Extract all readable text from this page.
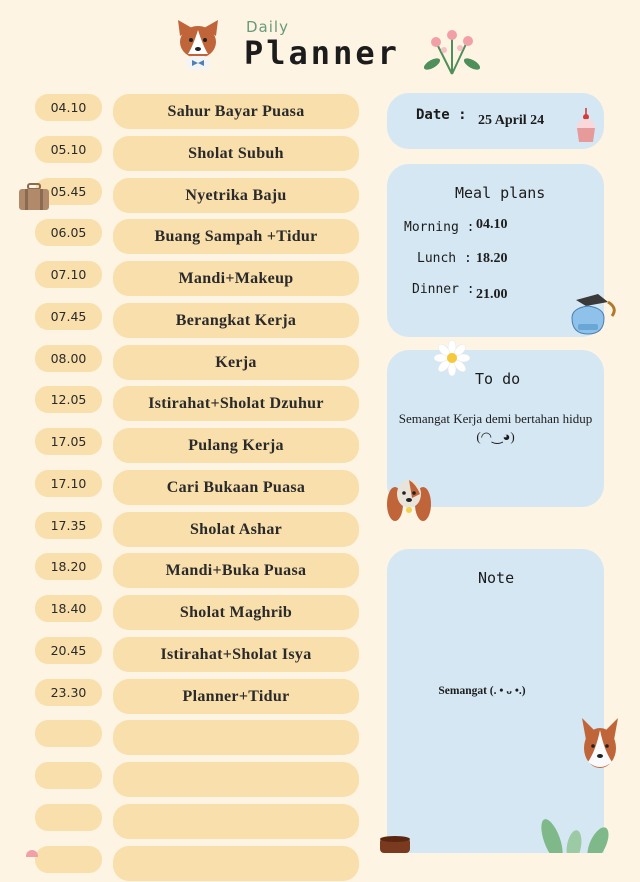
Daily
Planner
04.10	Sahur Bayar Puasa
05.10	Sholat Subuh
05.45	Nyetrika Baju
06.05	Buang Sampah +Tidur
07.10	Mandi+Makeup
07.45	Berangkat Kerja
08.00	Kerja
12.05	Istirahat+Sholat Dzuhur
17.05	Pulang Kerja
17.10	Cari Bukaan Puasa
17.35	Sholat Ashar
18.20	Mandi+Buka Puasa
18.40	Sholat Maghrib
20.45	Istirahat+Sholat Isya
23.30	Planner+Tidur
Date : 25 April 24
Meal plans
Morning : 04.10
Lunch : 18.20
Dinner : 21.00
To do
Semangat Kerja demi bertahan hidup (◠‿◕)
Note
Semangat (. • ᴗ •.)
